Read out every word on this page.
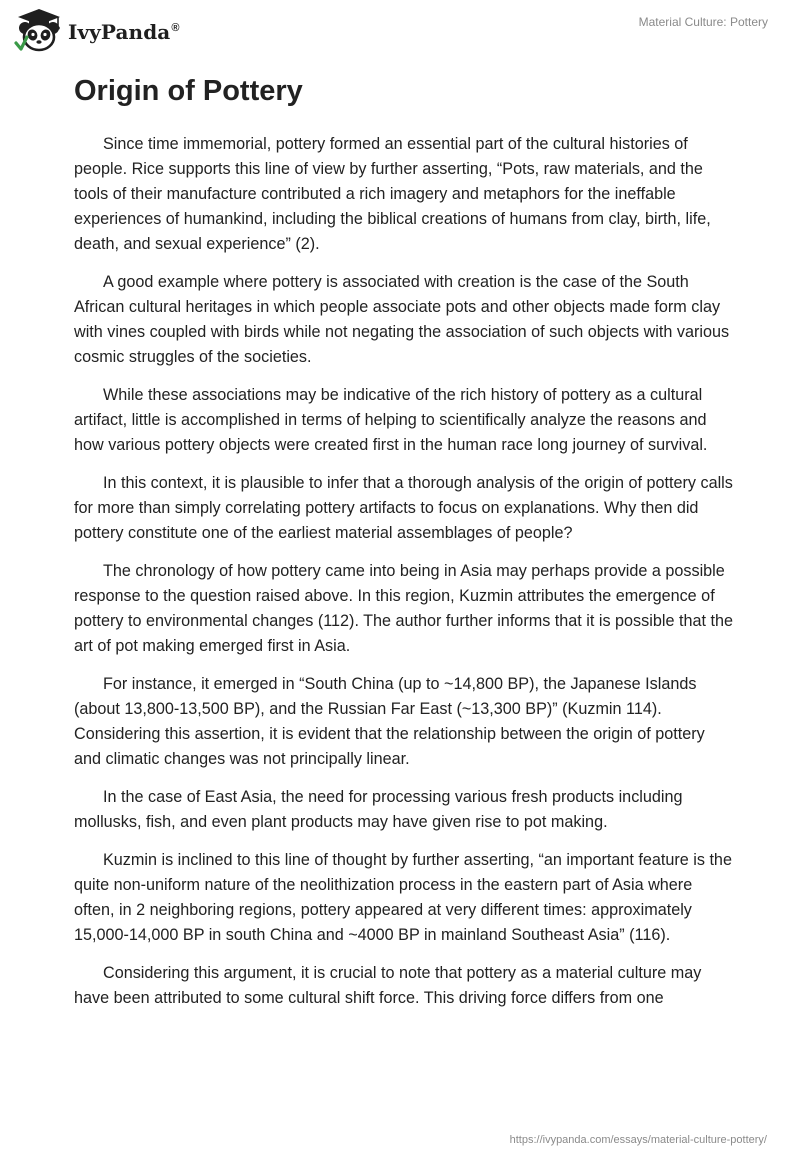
IvyPanda®	Material Culture: Pottery
Origin of Pottery

Since time immemorial, pottery formed an essential part of the cultural histories of people. Rice supports this line of view by further asserting, “Pots, raw materials, and the tools of their manufacture contributed a rich imagery and metaphors for the ineffable experiences of humankind, including the biblical creations of humans from clay, birth, life, death, and sexual experience” (2).

A good example where pottery is associated with creation is the case of the South African cultural heritages in which people associate pots and other objects made form clay with vines coupled with birds while not negating the association of such objects with various cosmic struggles of the societies.

While these associations may be indicative of the rich history of pottery as a cultural artifact, little is accomplished in terms of helping to scientifically analyze the reasons and how various pottery objects were created first in the human race long journey of survival.

In this context, it is plausible to infer that a thorough analysis of the origin of pottery calls for more than simply correlating pottery artifacts to focus on explanations. Why then did pottery constitute one of the earliest material assemblages of people?

The chronology of how pottery came into being in Asia may perhaps provide a possible response to the question raised above. In this region, Kuzmin attributes the emergence of pottery to environmental changes (112). The author further informs that it is possible that the art of pot making emerged first in Asia.

For instance, it emerged in “South China (up to ~14,800 BP), the Japanese Islands (about 13,800-13,500 BP), and the Russian Far East (~13,300 BP)” (Kuzmin 114). Considering this assertion, it is evident that the relationship between the origin of pottery and climatic changes was not principally linear.

In the case of East Asia, the need for processing various fresh products including mollusks, fish, and even plant products may have given rise to pot making.

Kuzmin is inclined to this line of thought by further asserting, “an important feature is the quite non-uniform nature of the neolithization process in the eastern part of Asia where often, in 2 neighboring regions, pottery appeared at very different times: approximately 15,000-14,000 BP in south China and ~4000 BP in mainland Southeast Asia” (116).

Considering this argument, it is crucial to note that pottery as a material culture may have been attributed to some cultural shift force. This driving force differs from one

https://ivypanda.com/essays/material-culture-pottery/
